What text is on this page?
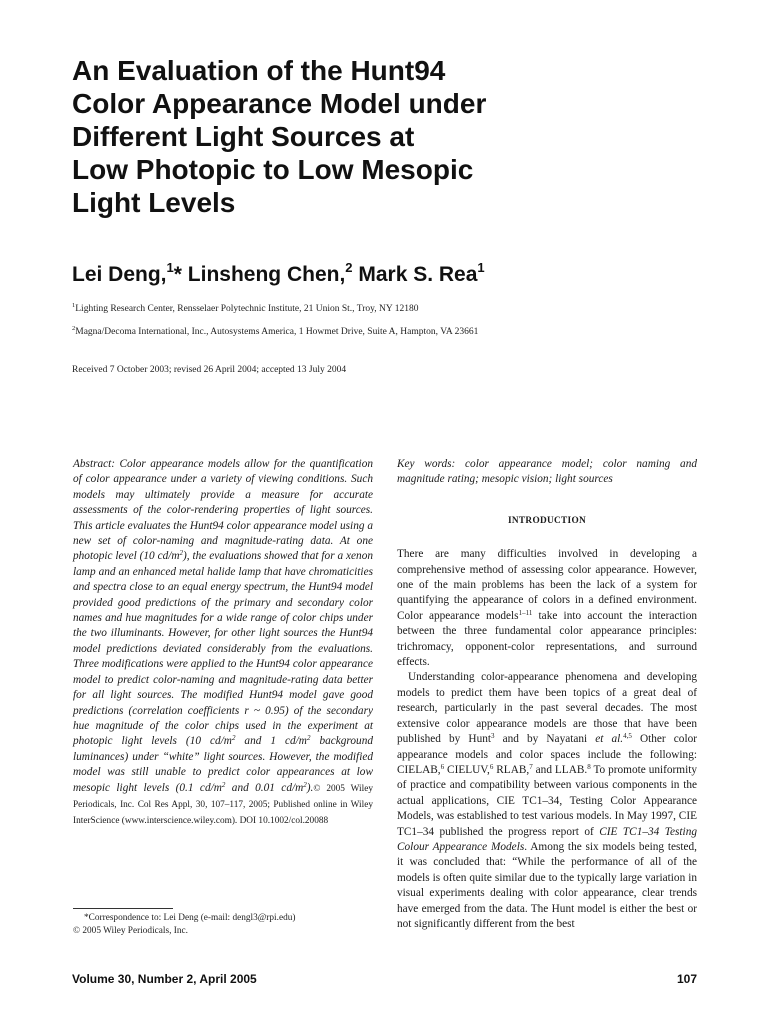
An Evaluation of the Hunt94
Color Appearance Model under
Different Light Sources at
Low Photopic to Low Mesopic
Light Levels
Lei Deng,$^1$* Linsheng Chen,$^2$ Mark S. Rea$^1$
$^1$Lighting Research Center, Rensselaer Polytechnic Institute, 21 Union St., Troy, NY 12180
$^2$Magna/Decoma International, Inc., Autosystems America, 1 Howmet Drive, Suite A, Hampton, VA 23661
Received 7 October 2003; revised 26 April 2004; accepted 13 July 2004

Abstract: Color appearance models allow for the quantification of color appearance under a variety of viewing conditions. Such models may ultimately provide a measure for accurate assessments of the color-rendering properties of light sources. This article evaluates the Hunt94 color appearance model using a new set of color-naming and magnitude-rating data. At one photopic level (10 $cd/m^2$), the evaluations showed that for a xenon lamp and an enhanced metal halide lamp that have chromaticities and spectra close to an equal energy spectrum, the Hunt94 model provided good predictions of the primary and secondary color names and hue magnitudes for a wide range of color chips under the two illuminants. However, for other light sources the Hunt94 model predictions deviated considerably from the evaluations. Three modifications were applied to the Hunt94 color appearance model to predict color-naming and magnitude-rating data better for all light sources. The modified Hunt94 model gave good predictions (correlation coefficients r ~ 0.95) of the secondary hue magnitude of the color chips used in the experiment at photopic light levels (10 $cd/m^2$ and 1 $cd/m^2$ background luminances) under “white” light sources. However, the modified model was still unable to predict color appearances at low mesopic light levels (0.1 $cd/m^2$ and 0.01 $cd/m^2).©$ 2005 Wiley Periodicals, Inc. Col Res Appl, 30, 107–117, 2005; Published online in Wiley InterScience (www.interscience.wiley.com). DOI 10.1002/col.20088

Key words: color appearance model; color naming and magnitude rating; mesopic vision; light sources

INTRODUCTION

There are many difficulties involved in developing a comprehensive method of assessing color appearance. However, one of the main problems has been the lack of a system for quantifying the appearance of colors in a defined environment. Color appearance models$^{1-11}$ take into account the interaction between the three fundamental color appearance principles: trichromacy, opponent-color representations, and surround effects.

Understanding color-appearance phenomena and developing models to predict them have been topics of a great deal of research, particularly in the past several decades. The most extensive color appearance models are those that have been published by Hunt$^3$ and by Nayatani et al.$^{4,5}$ Other color appearance models and color spaces include the following: CIELAB,$^6$ CIELUV,$^6$ RLAB,$^7$ and LLAB.$^8$ To promote uniformity of practice and compatibility between various components in the actual applications, CIE TC1–34, Testing Color Appearance Models, was established to test various models. In May 1997, CIE TC1–34 published the progress report of CIE TC1–34 Testing Colour Appearance Models. Among the six models being tested, it was concluded that: “While the performance of all of the models is often quite similar due to the typically large variation in visual experiments dealing with color appearance, clear trends have emerged from the data. The Hunt model is either the best or not significantly different from the best

*Correspondence to: Lei Deng (e-mail: dengl3@rpi.edu)
© 2005 Wiley Periodicals, Inc.
Volume 30, Number 2, April 2005	107
